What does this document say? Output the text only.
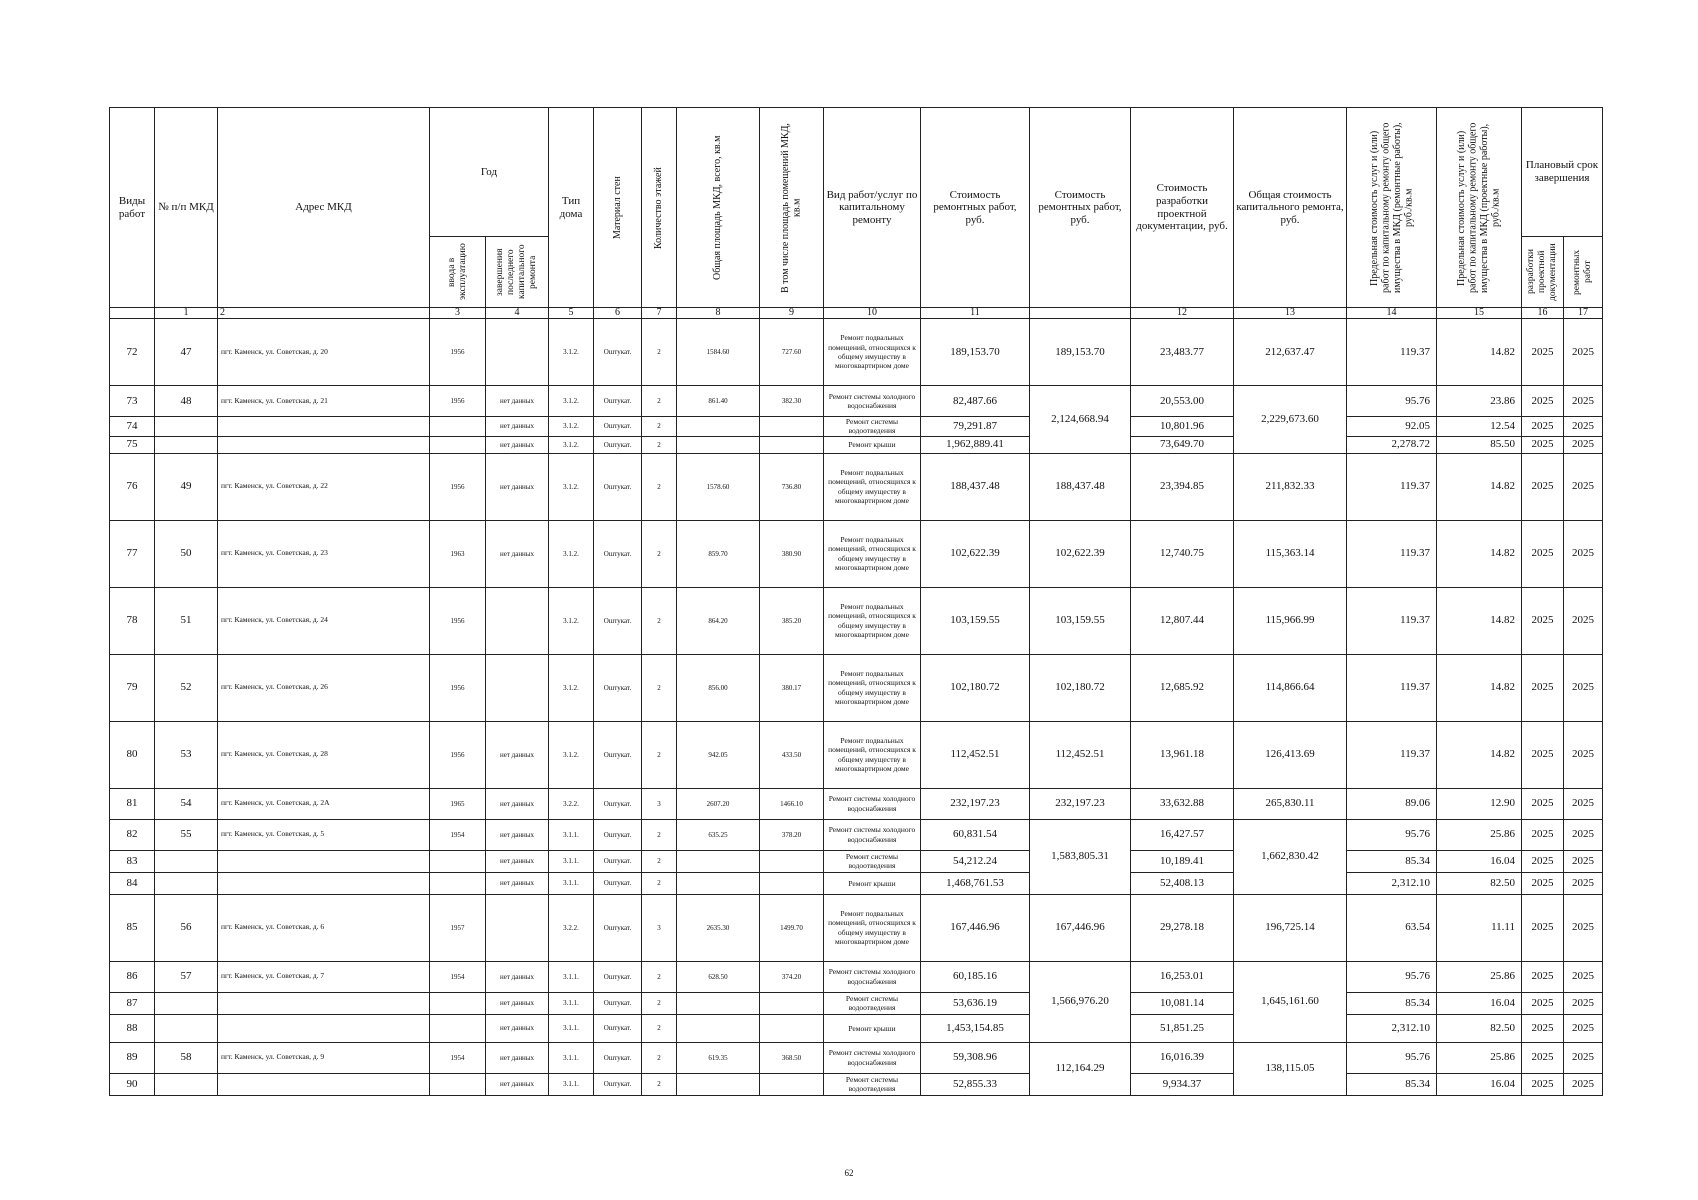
Виды работ	№ п/п МКД	Адрес МКД	Год		Тип дома	Материал стен	Количество этажей	Общая площадь МКД, всего, кв.м	В том числе площадь помещений МКД, кв.м	Вид работ/услуг по капитальному ремонту	Стоимость ремонтных работ, руб.	Стоимость ремонтных работ, руб.	Стоимость разработки проектной документации, руб.	Общая стоимость капитального ремонта, руб.	Предельная стоимость услуг и (или) работ по капитальному ремонту общего имущества в МКД (ремонтные работы), руб./кв.м	Предельная стоимость услуг и (или) работ по капитальному ремонту общего имущества в МКД (проектные работы), руб./кв.м	Плановый срок завершения	

			ввода в эксплуатацию	завершения последнего капитального ремонта													разработки проектной документации	ремонтных работ

	1	2	3	4	5	6	7	8	9	10	11		12	13	14	15	16	17
72	47	пгт. Каменск, ул. Советская, д. 20	1956		3.1.2.	Оштукат.	2	1584.60	727.60	Ремонт подвальных помещений, относящихся к общему имуществу в многоквартирном доме	189,153.70	189,153.70	23,483.77	212,637.47	119.37	14.82	2025	2025
73	48	пгт. Каменск, ул. Советская, д. 21	1956	нет данных	3.1.2.	Оштукат.	2	861.40	382.30	Ремонт системы холодного водоснабжения	82,487.66	2,124,668.94	20,553.00	2,229,673.60	95.76	23.86	2025	2025
74				нет данных	3.1.2.	Оштукат.	2			Ремонт системы водоотведения	79,291.87		10,801.96		92.05	12.54	2025	2025
75				нет данных	3.1.2.	Оштукат.	2			Ремонт крыши	1,962,889.41		73,649.70		2,278.72	85.50	2025	2025
76	49	пгт. Каменск, ул. Советская, д. 22	1956	нет данных	3.1.2.	Оштукат.	2	1578.60	736.80	Ремонт подвальных помещений, относящихся к общему имуществу в многоквартирном доме	188,437.48	188,437.48	23,394.85	211,832.33	119.37	14.82	2025	2025
77	50	пгт. Каменск, ул. Советская, д. 23	1963	нет данных	3.1.2.	Оштукат.	2	859.70	380.90	Ремонт подвальных помещений, относящихся к общему имуществу в многоквартирном доме	102,622.39	102,622.39	12,740.75	115,363.14	119.37	14.82	2025	2025
78	51	пгт. Каменск, ул. Советская, д. 24	1956		3.1.2.	Оштукат.	2	864.20	385.20	Ремонт подвальных помещений, относящихся к общему имуществу в многоквартирном доме	103,159.55	103,159.55	12,807.44	115,966.99	119.37	14.82	2025	2025
79	52	пгт. Каменск, ул. Советская, д. 26	1956		3.1.2.	Оштукат.	2	856.00	380.17	Ремонт подвальных помещений, относящихся к общему имуществу в многоквартирном доме	102,180.72	102,180.72	12,685.92	114,866.64	119.37	14.82	2025	2025
80	53	пгт. Каменск, ул. Советская, д. 28	1956	нет данных	3.1.2.	Оштукат.	2	942.05	433.50	Ремонт подвальных помещений, относящихся к общему имуществу в многоквартирном доме	112,452.51	112,452.51	13,961.18	126,413.69	119.37	14.82	2025	2025
81	54	пгт. Каменск, ул. Советская, д. 2А	1965	нет данных	3.2.2.	Оштукат.	3	2607.20	1466.10	Ремонт системы холодного водоснабжения	232,197.23	232,197.23	33,632.88	265,830.11	89.06	12.90	2025	2025
82	55	пгт. Каменск, ул. Советская, д. 5	1954	нет данных	3.1.1.	Оштукат.	2	635.25	378.20	Ремонт системы холодного водоснабжения	60,831.54	1,583,805.31	16,427.57	1,662,830.42	95.76	25.86	2025	2025
83				нет данных	3.1.1.	Оштукат.	2			Ремонт системы водоотведения	54,212.24		10,189.41		85.34	16.04	2025	2025
84				нет данных	3.1.1.	Оштукат.	2			Ремонт крыши	1,468,761.53		52,408.13		2,312.10	82.50	2025	2025
85	56	пгт. Каменск, ул. Советская, д. 6	1957		3.2.2.	Оштукат.	3	2635.30	1499.70	Ремонт подвальных помещений, относящихся к общему имуществу в многоквартирном доме	167,446.96	167,446.96	29,278.18	196,725.14	63.54	11.11	2025	2025
86	57	пгт. Каменск, ул. Советская, д. 7	1954	нет данных	3.1.1.	Оштукат.	2	628.50	374.20	Ремонт системы холодного водоснабжения	60,185.16	1,566,976.20	16,253.01	1,645,161.60	95.76	25.86	2025	2025
87				нет данных	3.1.1.	Оштукат.	2			Ремонт системы водоотведения	53,636.19		10,081.14		85.34	16.04	2025	2025
88				нет данных	3.1.1.	Оштукат.	2			Ремонт крыши	1,453,154.85		51,851.25		2,312.10	82.50	2025	2025
89	58	пгт. Каменск, ул. Советская, д. 9	1954	нет данных	3.1.1.	Оштукат.	2	619.35	368.50	Ремонт системы холодного водоснабжения	59,308.96	112,164.29	16,016.39	138,115.05	95.76	25.86	2025	2025
90				нет данных	3.1.1.	Оштукат.	2			Ремонт системы водоотведения	52,855.33		9,934.37		85.34	16.04	2025	2025
62
